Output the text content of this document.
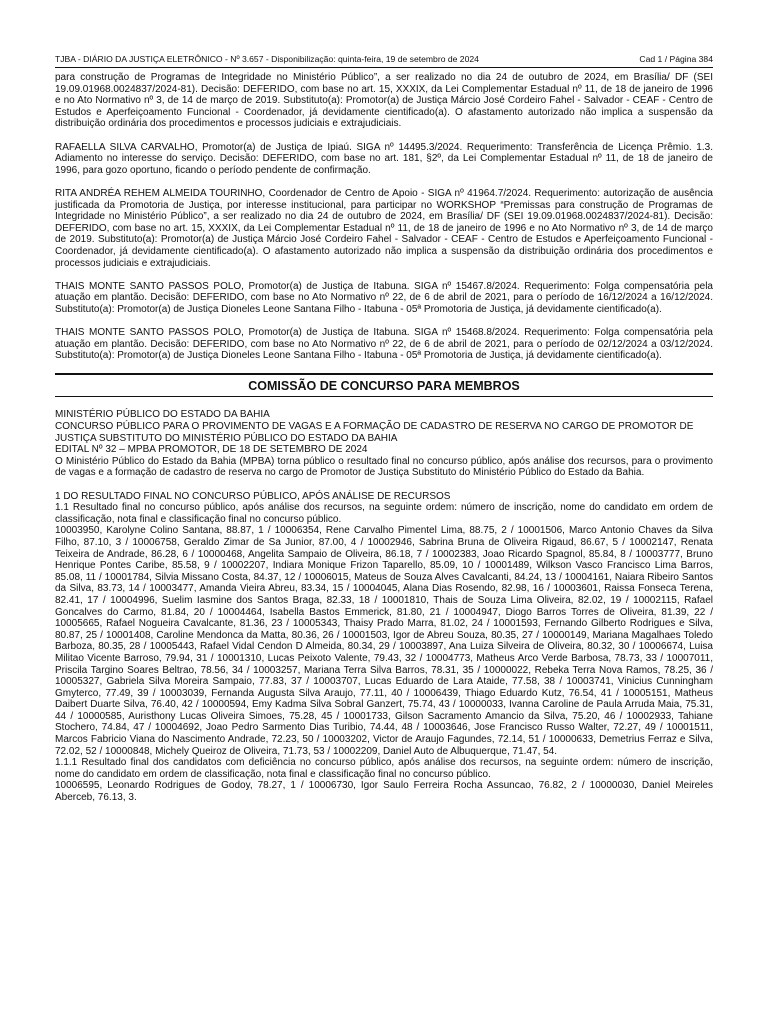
TJBA - DIÁRIO DA JUSTIÇA ELETRÔNICO - Nº 3.657 - Disponibilização: quinta-feira, 19 de setembro de 2024	Cad 1 / Página 384

para construção de Programas de Integridade no Ministério Público”, a ser realizado no dia 24 de outubro de 2024, em Brasília/ DF (SEI 19.09.01968.0024837/2024-81). Decisão: DEFERIDO, com base no art. 15, XXXIX, da Lei Complementar Estadual nº 11, de 18 de janeiro de 1996 e no Ato Normativo nº 3, de 14 de março de 2019. Substituto(a): Promotor(a) de Justiça Márcio José Cordeiro Fahel - Salvador - CEAF - Centro de Estudos e Aperfeiçoamento Funcional - Coordenador, já devidamente cientificado(a). O afastamento autorizado não implica a suspensão da distribuição ordinária dos procedimentos e processos judiciais e extrajudiciais.

RAFAELLA SILVA CARVALHO, Promotor(a) de Justiça de Ipiaú. SIGA nº 14495.3/2024. Requerimento: Transferência de Licença Prêmio. 1.3. Adiamento no interesse do serviço. Decisão: DEFERIDO, com base no art. 181, §2º, da Lei Complementar Estadual nº 11, de 18 de janeiro de 1996, para gozo oportuno, ficando o período pendente de confirmação.

RITA ANDRÉA REHEM ALMEIDA TOURINHO, Coordenador de Centro de Apoio - SIGA nº 41964.7/2024. Requerimento: autorização de ausência justificada da Promotoria de Justiça, por interesse institucional, para participar no WORKSHOP “Premissas para construção de Programas de Integridade no Ministério Público”, a ser realizado no dia 24 de outubro de 2024, em Brasília/ DF (SEI 19.09.01968.0024837/2024-81). Decisão: DEFERIDO, com base no art. 15, XXXIX, da Lei Complementar Estadual nº 11, de 18 de janeiro de 1996 e no Ato Normativo nº 3, de 14 de março de 2019. Substituto(a): Promotor(a) de Justiça Márcio José Cordeiro Fahel - Salvador - CEAF - Centro de Estudos e Aperfeiçoamento Funcional - Coordenador, já devidamente cientificado(a). O afastamento autorizado não implica a suspensão da distribuição ordinária dos procedimentos e processos judiciais e extrajudiciais.

THAIS MONTE SANTO PASSOS POLO, Promotor(a) de Justiça de Itabuna. SIGA nº 15467.8/2024. Requerimento: Folga compensatória pela atuação em plantão. Decisão: DEFERIDO, com base no Ato Normativo nº 22, de 6 de abril de 2021, para o período de 16/12/2024 a 16/12/2024. Substituto(a): Promotor(a) de Justiça Dioneles Leone Santana Filho - Itabuna - 05ª Promotoria de Justiça, já devidamente cientificado(a).

THAIS MONTE SANTO PASSOS POLO, Promotor(a) de Justiça de Itabuna. SIGA nº 15468.8/2024. Requerimento: Folga compensatória pela atuação em plantão. Decisão: DEFERIDO, com base no Ato Normativo nº 22, de 6 de abril de 2021, para o período de 02/12/2024 a 03/12/2024. Substituto(a): Promotor(a) de Justiça Dioneles Leone Santana Filho - Itabuna - 05ª Promotoria de Justiça, já devidamente cientificado(a).

COMISSÃO DE CONCURSO PARA MEMBROS

MINISTÉRIO PÚBLICO DO ESTADO DA BAHIA

CONCURSO PÚBLICO PARA O PROVIMENTO DE VAGAS E A FORMAÇÃO DE CADASTRO DE RESERVA NO CARGO DE PROMOTOR DE JUSTIÇA SUBSTITUTO DO MINISTÉRIO PÚBLICO DO ESTADO DA BAHIA

EDITAL Nº 32 – MPBA PROMOTOR, DE 18 DE SETEMBRO DE 2024

O Ministério Público do Estado da Bahia (MPBA) torna público o resultado final no concurso público, após análise dos recursos, para o provimento de vagas e a formação de cadastro de reserva no cargo de Promotor de Justiça Substituto do Ministério Público do Estado da Bahia.

1 DO RESULTADO FINAL NO CONCURSO PÚBLICO, APÓS ANÁLISE DE RECURSOS

1.1 Resultado final no concurso público, após análise dos recursos, na seguinte ordem: número de inscrição, nome do candidato em ordem de classificação, nota final e classificação final no concurso público.

10003950, Karolyne Colino Santana, 88.87, 1 / 10006354, Rene Carvalho Pimentel Lima, 88.75, 2 / 10001506, Marco Antonio Chaves da Silva Filho, 87.10, 3 / 10006758, Geraldo Zimar de Sa Junior, 87.00, 4 / 10002946, Sabrina Bruna de Oliveira Rigaud, 86.67, 5 / 10002147, Renata Teixeira de Andrade, 86.28, 6 / 10000468, Angelita Sampaio de Oliveira, 86.18, 7 / 10002383, Joao Ricardo Spagnol, 85.84, 8 / 10003777, Bruno Henrique Pontes Caribe, 85.58, 9 / 10002207, Indiara Monique Frizon Taparello, 85.09, 10 / 10001489, Wilkson Vasco Francisco Lima Barros, 85.08, 11 / 10001784, Silvia Missano Costa, 84.37, 12 / 10006015, Mateus de Souza Alves Cavalcanti, 84.24, 13 / 10004161, Naiara Ribeiro Santos da Silva, 83.73, 14 / 10003477, Amanda Vieira Abreu, 83.34, 15 / 10004045, Alana Dias Rosendo, 82.98, 16 / 10003601, Raissa Fonseca Terena, 82.41, 17 / 10004996, Suelim Iasmine dos Santos Braga, 82.33, 18 / 10001810, Thais de Souza Lima Oliveira, 82.02, 19 / 10002115, Rafael Goncalves do Carmo, 81.84, 20 / 10004464, Isabella Bastos Emmerick, 81.80, 21 / 10004947, Diogo Barros Torres de Oliveira, 81.39, 22 / 10005665, Rafael Nogueira Cavalcante, 81.36, 23 / 10005343, Thaisy Prado Marra, 81.02, 24 / 10001593, Fernando Gilberto Rodrigues e Silva, 80.87, 25 / 10001408, Caroline Mendonca da Matta, 80.36, 26 / 10001503, Igor de Abreu Souza, 80.35, 27 / 10000149, Mariana Magalhaes Toledo Barboza, 80.35, 28 / 10005443, Rafael Vidal Cendon D Almeida, 80.34, 29 / 10003897, Ana Luiza Silveira de Oliveira, 80.32, 30 / 10006674, Luisa Militao Vicente Barroso, 79.94, 31 / 10001310, Lucas Peixoto Valente, 79.43, 32 / 10004773, Matheus Arco Verde Barbosa, 78.73, 33 / 10007011, Priscila Targino Soares Beltrao, 78.56, 34 / 10003257, Mariana Terra Silva Barros, 78.31, 35 / 10000022, Rebeka Terra Nova Ramos, 78.25, 36 / 10005327, Gabriela Silva Moreira Sampaio, 77.83, 37 / 10003707, Lucas Eduardo de Lara Ataide, 77.58, 38 / 10003741, Vinicius Cunningham Gmyterco, 77.49, 39 / 10003039, Fernanda Augusta Silva Araujo, 77.11, 40 / 10006439, Thiago Eduardo Kutz, 76.54, 41 / 10005151, Matheus Daibert Duarte Silva, 76.40, 42 / 10000594, Emy Kadma Silva Sobral Ganzert, 75.74, 43 / 10000033, Ivanna Caroline de Paula Arruda Maia, 75.31, 44 / 10000585, Auristhony Lucas Oliveira Simoes, 75.28, 45 / 10001733, Gilson Sacramento Amancio da Silva, 75.20, 46 / 10002933, Tahiane Stochero, 74.84, 47 / 10004692, Joao Pedro Sarmento Dias Turibio, 74.44, 48 / 10003646, Jose Francisco Russo Walter, 72.27, 49 / 10001511, Marcos Fabricio Viana do Nascimento Andrade, 72.23, 50 / 10003202, Victor de Araujo Fagundes, 72.14, 51 / 10000633, Demetrius Ferraz e Silva, 72.02, 52 / 10000848, Michely Queiroz de Oliveira, 71.73, 53 / 10002209, Daniel Auto de Albuquerque, 71.47, 54.

1.1.1 Resultado final dos candidatos com deficiência no concurso público, após análise dos recursos, na seguinte ordem: número de inscrição, nome do candidato em ordem de classificação, nota final e classificação final no concurso público.

10006595, Leonardo Rodrigues de Godoy, 78.27, 1 / 10006730, Igor Saulo Ferreira Rocha Assuncao, 76.82, 2 / 10000030, Daniel Meireles Aberceb, 76.13, 3.
